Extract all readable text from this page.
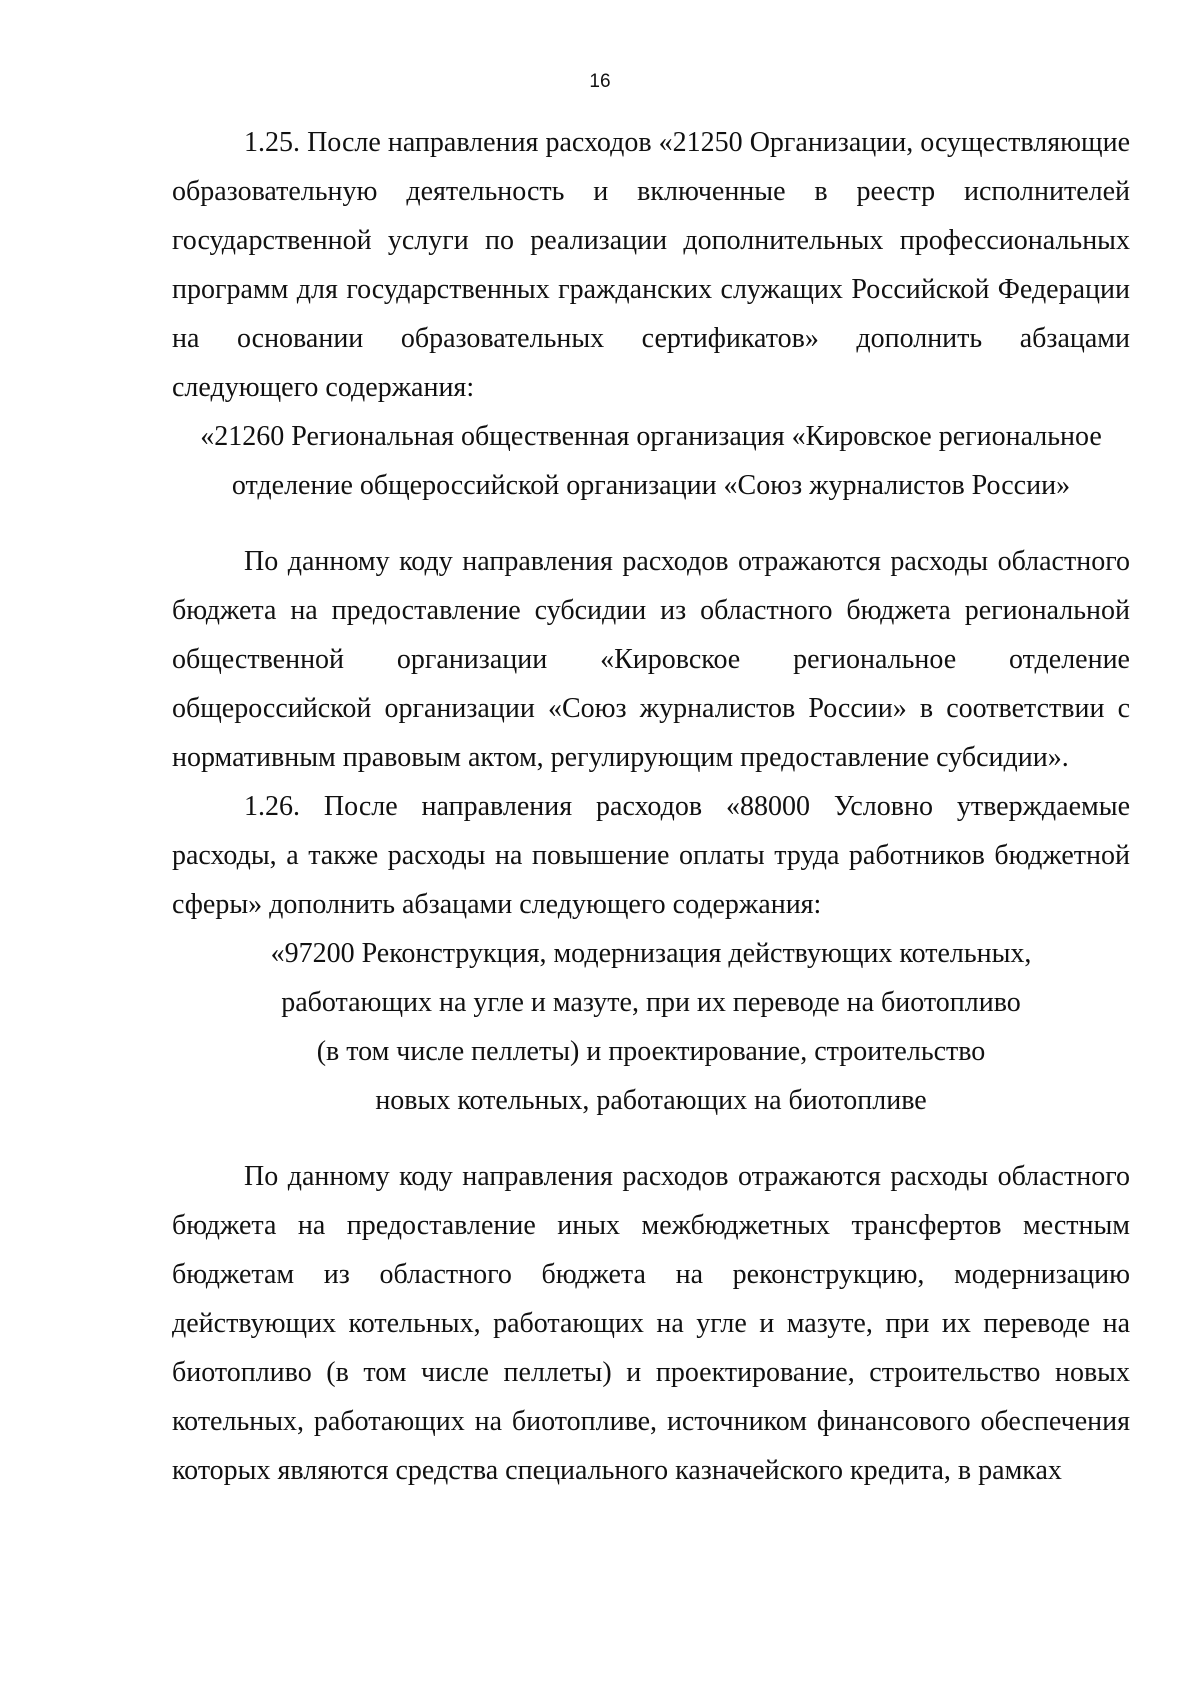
16

1.25. После направления расходов «21250 Организации, осуществляющие образовательную деятельность и включенные в реестр исполнителей государственной услуги по реализации дополнительных профессиональных программ для государственных гражданских служащих Российской Федерации на основании образовательных сертификатов» дополнить абзацами следующего содержания:

«21260 Региональная общественная организация «Кировское региональное
отделение общероссийской организации «Союз журналистов России»

По данному коду направления расходов отражаются расходы областного бюджета на предоставление субсидии из областного бюджета региональной общественной организации «Кировское региональное отделение общероссийской организации «Союз журналистов России» в соответствии с нормативным правовым актом, регулирующим предоставление субсидии».

1.26. После направления расходов «88000 Условно утверждаемые расходы, а также расходы на повышение оплаты труда работников бюджетной сферы» дополнить абзацами следующего содержания:

«97200 Реконструкция, модернизация действующих котельных,
работающих на угле и мазуте, при их переводе на биотопливо
(в том числе пеллеты) и проектирование, строительство
новых котельных, работающих на биотопливе

По данному коду направления расходов отражаются расходы областного бюджета на предоставление иных межбюджетных трансфертов местным бюджетам из областного бюджета на реконструкцию, модернизацию действующих котельных, работающих на угле и мазуте, при их переводе на биотопливо (в том числе пеллеты) и проектирование, строительство новых котельных, работающих на биотопливе, источником финансового обеспечения которых являются средства специального казначейского кредита, в рамках
